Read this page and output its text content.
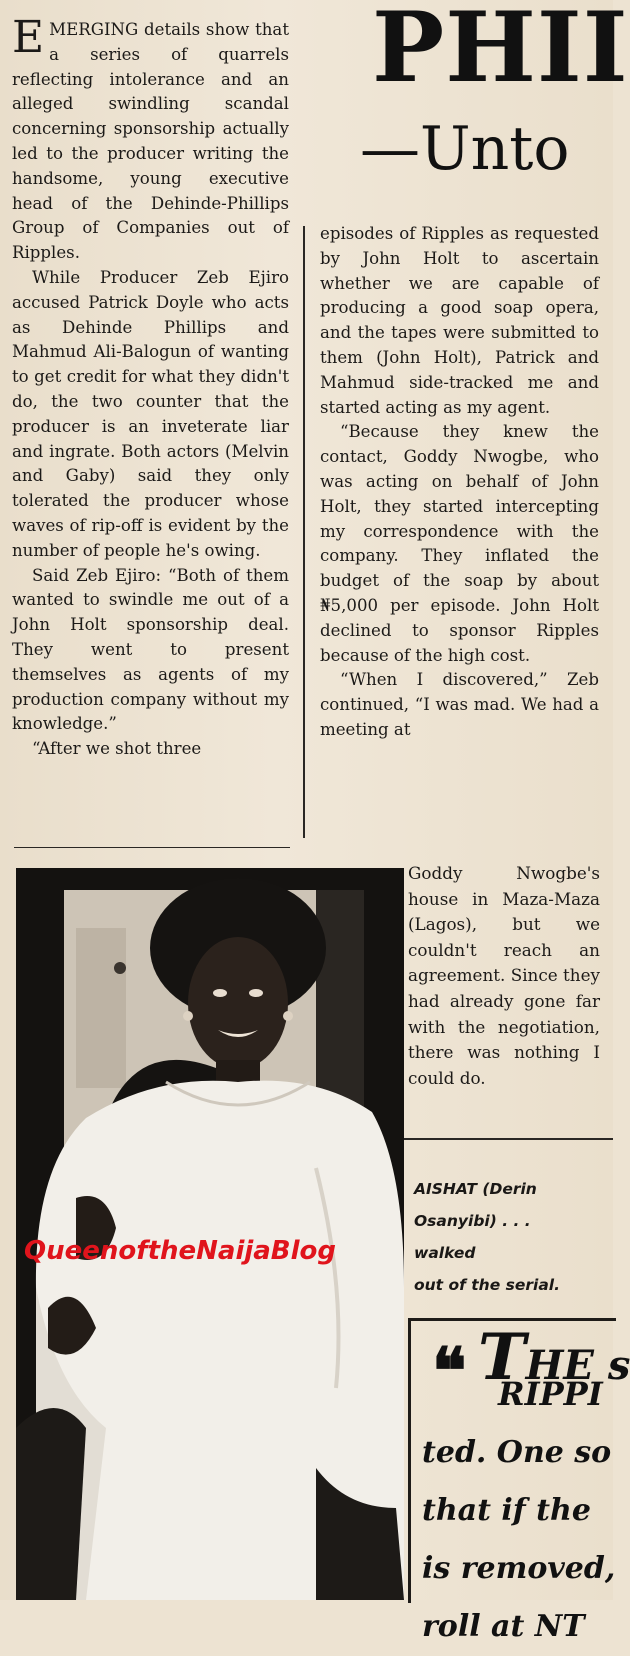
PHII
—Unto

EMERGING details show that a series of quarrels reflecting intolerance and an alleged swindling scandal concerning sponsorship actually led to the producer writing the handsome, young executive head of the Dehinde-Phillips Group of Companies out of Ripples.

While Producer Zeb Ejiro accused Patrick Doyle who acts as Dehinde Phillips and Mahmud Ali-Balogun of wanting to get credit for what they didn't do, the two counter that the producer is an inveterate liar and ingrate. Both actors (Melvin and Gaby) said they only tolerated the producer whose waves of rip-off is evident by the number of people he's owing.

Said Zeb Ejiro: “Both of them wanted to swindle me out of a John Holt sponsorship deal. They went to present themselves as agents of my production company without my knowledge.”

“After we shot three

episodes of Ripples as requested by John Holt to ascertain whether we are capable of producing a good soap opera, and the tapes were submitted to them (John Holt), Patrick and Mahmud side-tracked me and started acting as my agent.

“Because they knew the contact, Goddy Nwogbe, who was acting on behalf of John Holt, they started intercepting my correspondence with the company. They inflated the budget of the soap by about ₦5,000 per episode. John Holt declined to sponsor Ripples because of the high cost.

“When I discovered,” Zeb continued, “I was mad. We had a meeting at

Goddy Nwogbe's house in Maza-Maza (Lagos), but we couldn't reach an agreement. Since they had already gone far with the negotiation, there was nothing I could do.

QueenoftheNaijaBlog
AISHAT (Derin
Osanyibi) . . .
walked
out of the serial.
❝ THE s
RIPPI
ted. One so
that if the
is removed,
roll at NT
